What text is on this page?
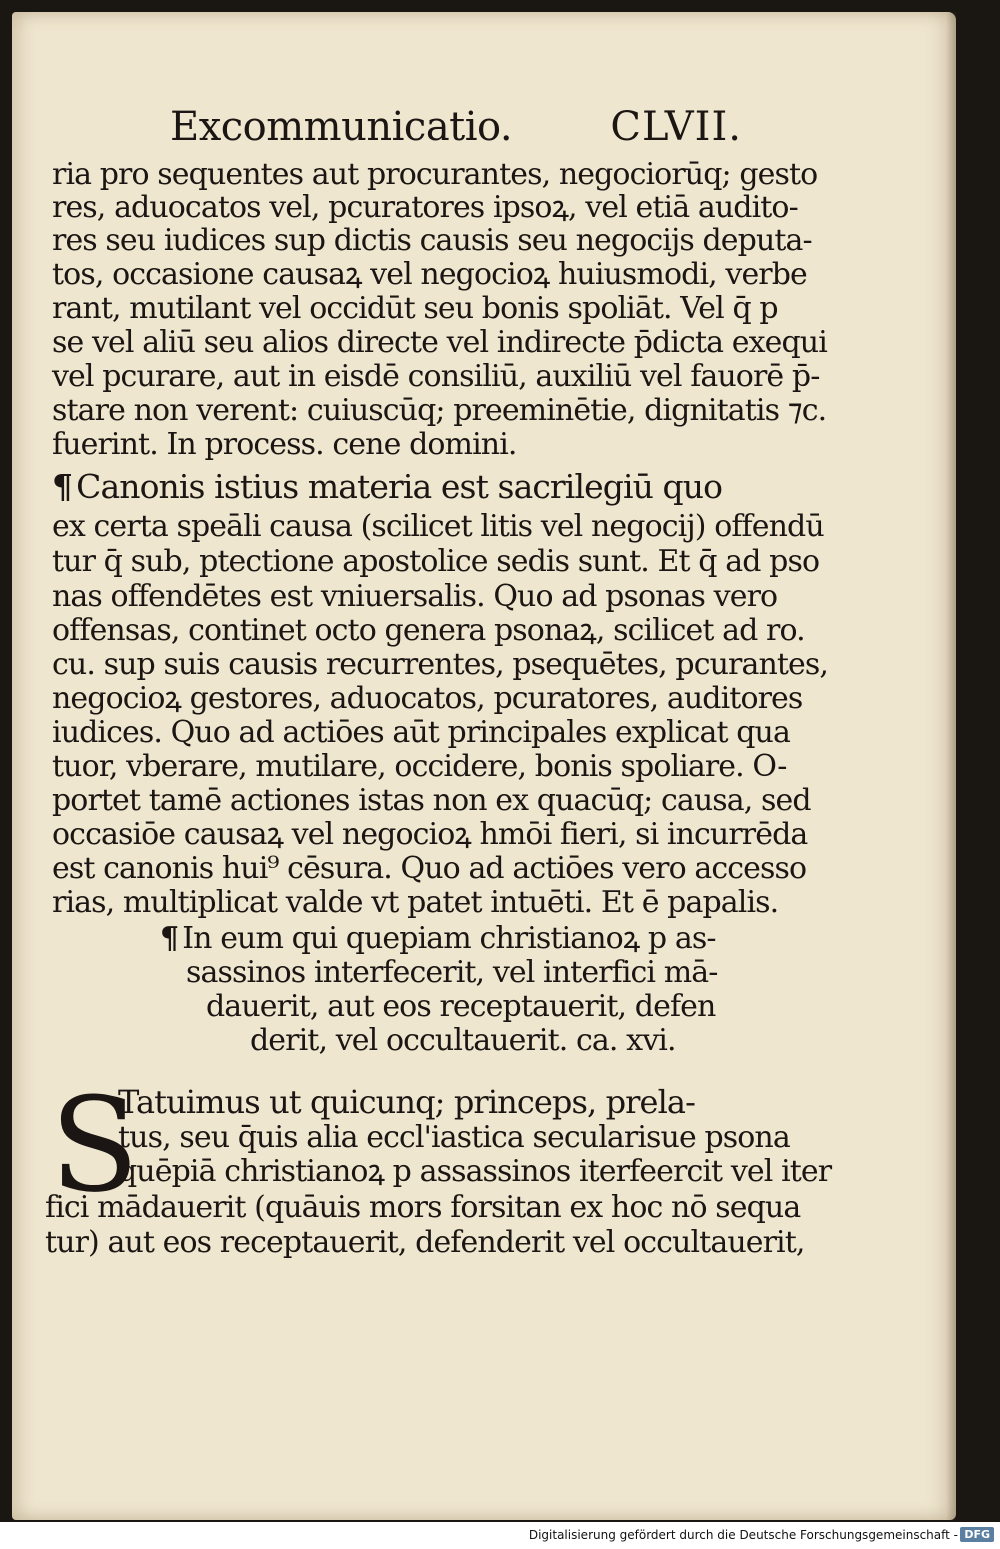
Excommunicatio. CLVII.
ria pro sequentes aut procurantes, negociorūq; gesto
res, aduocatos vel, pcuratores ipsoꝝ, vel etiā audito-
res seu iudices sup dictis causis seu negocijs deputa-
tos, occasione causaꝝ vel negocioꝝ huiusmodi, verbe
rant, mutilant vel occidūt seu bonis spoliāt. Vel q̄ p
se vel aliū seu alios directe vel indirecte p̄dicta exequi
vel pcurare, aut in eisdē consiliū, auxiliū vel fauorē p̄-
stare non verent: cuiuscūq; preeminētie, dignitatis ⁊c.
fuerint. In process. cene domini.
¶ Canonis istius materia est sacrilegiū quo
ex certa speāli causa (scilicet litis vel negocij) offendū
tur q̄ sub, ptectione apostolice sedis sunt. Et q̄ ad pso
nas offendētes est vniuersalis. Quo ad psonas vero
offensas, continet octo genera psonaꝝ, scilicet ad ro.
cu. sup suis causis recurrentes, psequētes, pcurantes,
negocioꝝ gestores, aduocatos, pcuratores, auditores
iudices. Quo ad actiōes aūt principales explicat qua
tuor, vberare, mutilare, occidere, bonis spoliare. O-
portet tamē actiones istas non ex quacūq; causa, sed
occasiōe causaꝝ vel negocioꝝ hmōi fieri, si incurrēda
est canonis hui⁹ cēsura. Quo ad actiōes vero accesso
rias, multiplicat valde vt patet intuēti. Et ē papalis.
¶ In eum qui quepiam christianoꝝ p as-
sassinos interfecerit, vel interfici mā-
dauerit, aut eos receptauerit, defen
derit, vel occultauerit. ca. xvi.
S
Tatuimus ut quicunq; princeps, prela-
tus, seu q̄uis alia eccl'iastica secularisue psona
quēpiā christianoꝝ p assassinos iterfeercit vel iter
fici mādauerit (quāuis mors forsitan ex hoc nō sequa
tur) aut eos receptauerit, defenderit vel occultauerit,
Digitalisierung gefördert durch die Deutsche Forschungsgemeinschaft - DFG
